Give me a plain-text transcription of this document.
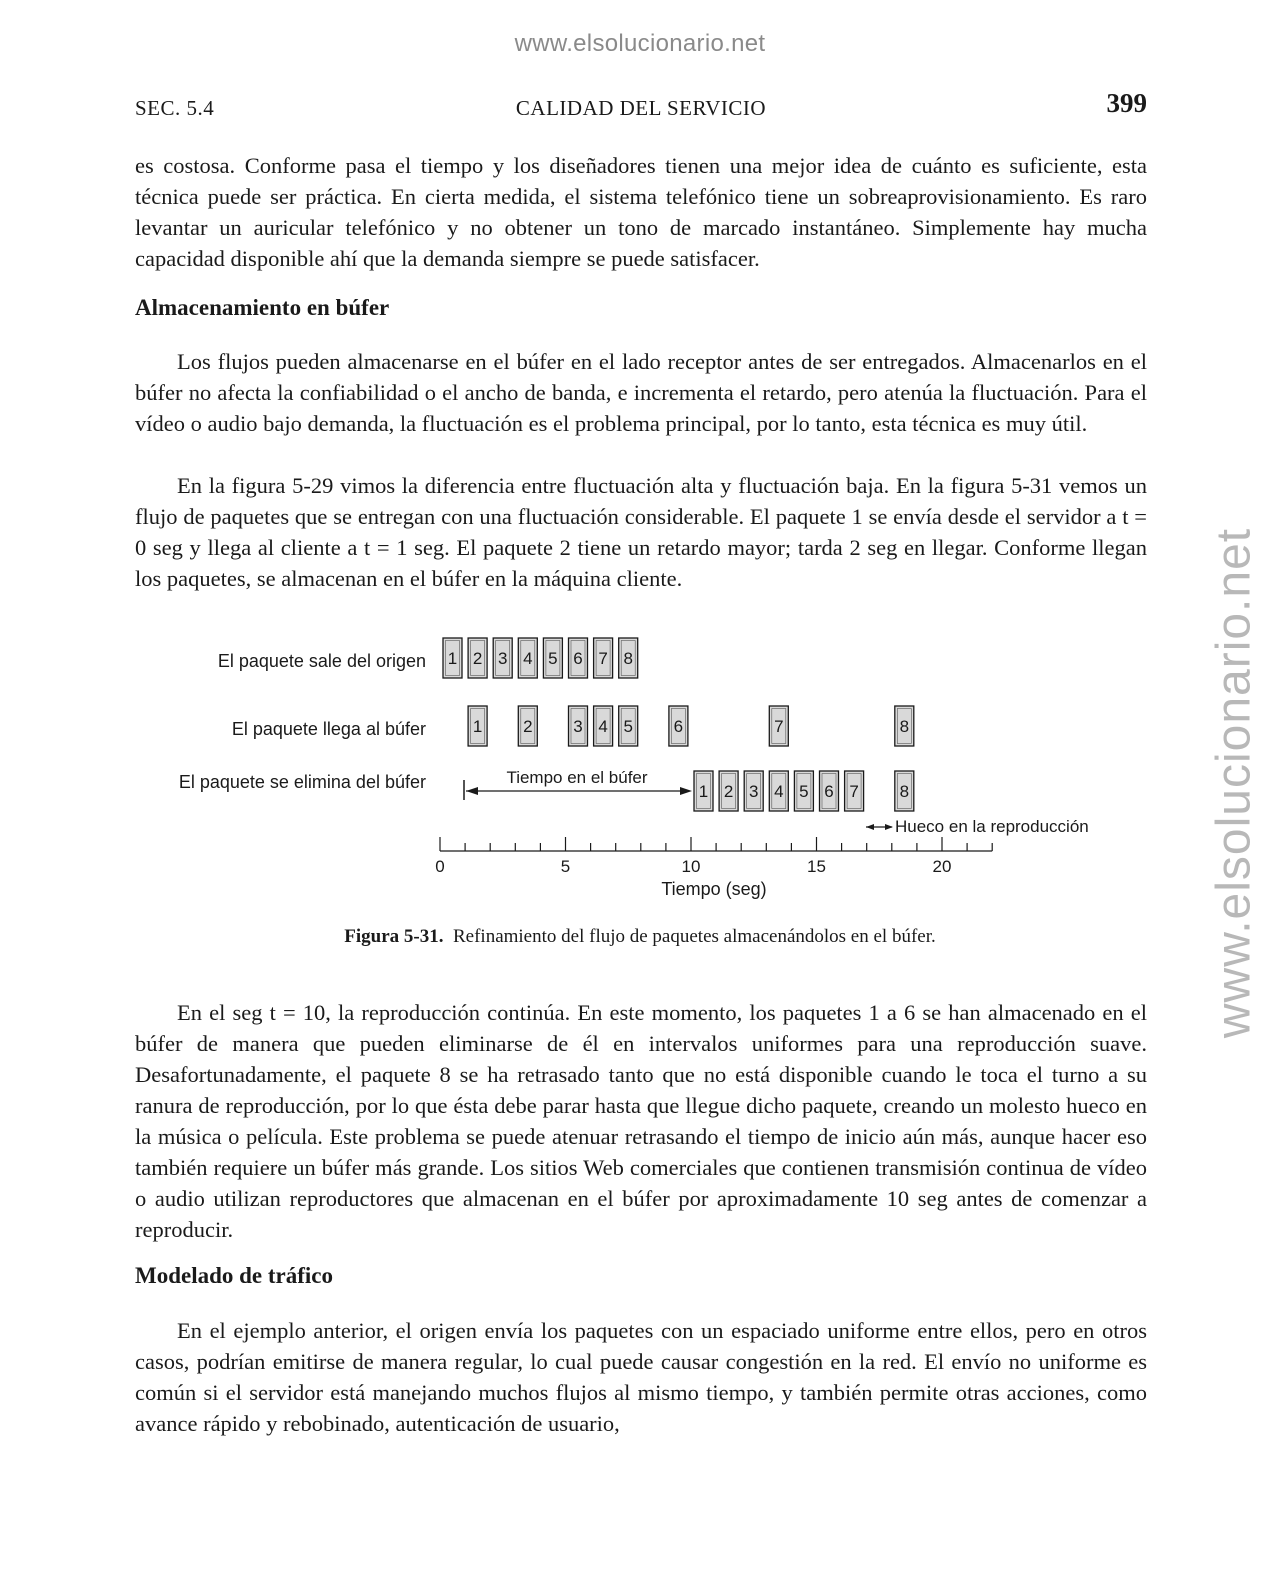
www.elsolucionario.net
www.elsolucionario.net
SEC. 5.4	CALIDAD DEL SERVICIO	399
es costosa. Conforme pasa el tiempo y los diseñadores tienen una mejor idea de cuánto es suficiente, esta técnica puede ser práctica. En cierta medida, el sistema telefónico tiene un sobreaprovisionamiento. Es raro levantar un auricular telefónico y no obtener un tono de marcado instantáneo. Simplemente hay mucha capacidad disponible ahí que la demanda siempre se puede satisfacer.
Almacenamiento en búfer
Los flujos pueden almacenarse en el búfer en el lado receptor antes de ser entregados. Almacenarlos en el búfer no afecta la confiabilidad o el ancho de banda, e incrementa el retardo, pero atenúa la fluctuación. Para el vídeo o audio bajo demanda, la fluctuación es el problema principal, por lo tanto, esta técnica es muy útil.
En la figura 5-29 vimos la diferencia entre fluctuación alta y fluctuación baja. En la figura 5-31 vemos un flujo de paquetes que se entregan con una fluctuación considerable. El paquete 1 se envía desde el servidor a t = 0 seg y llega al cliente a t = 1 seg. El paquete 2 tiene un retardo mayor; tarda 2 seg en llegar. Conforme llegan los paquetes, se almacenan en el búfer en la máquina cliente.
El paquete sale del origen
El paquete llega al búfer
El paquete se elimina del búfer
1 2 3 4 5 6 7 8
1 2 3 4 5 6	7	8
1 2 3 4 5 6 7 8
Tiempo en el búfer
Hueco en la reproducción
0	5	10	15	20
Tiempo (seg)
Figura 5-31. Refinamiento del flujo de paquetes almacenándolos en el búfer.
En el seg t = 10, la reproducción continúa. En este momento, los paquetes 1 a 6 se han almacenado en el búfer de manera que pueden eliminarse de él en intervalos uniformes para una reproducción suave. Desafortunadamente, el paquete 8 se ha retrasado tanto que no está disponible cuando le toca el turno a su ranura de reproducción, por lo que ésta debe parar hasta que llegue dicho paquete, creando un molesto hueco en la música o película. Este problema se puede atenuar retrasando el tiempo de inicio aún más, aunque hacer eso también requiere un búfer más grande. Los sitios Web comerciales que contienen transmisión continua de vídeo o audio utilizan reproductores que almacenan en el búfer por aproximadamente 10 seg antes de comenzar a reproducir.
Modelado de tráfico
En el ejemplo anterior, el origen envía los paquetes con un espaciado uniforme entre ellos, pero en otros casos, podrían emitirse de manera regular, lo cual puede causar congestión en la red. El envío no uniforme es común si el servidor está manejando muchos flujos al mismo tiempo, y también permite otras acciones, como avance rápido y rebobinado, autenticación de usuario,
